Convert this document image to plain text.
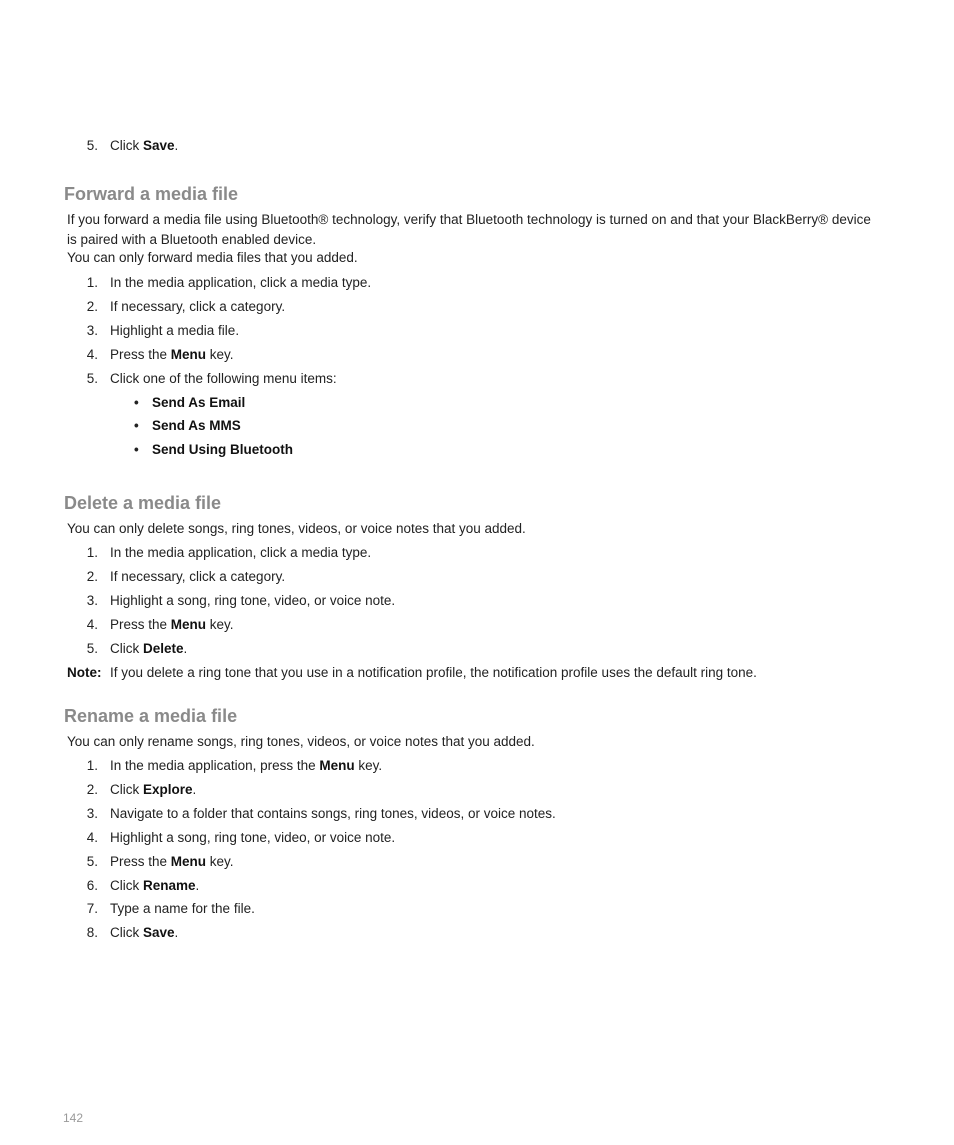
5. Click Save.
Forward a media file
If you forward a media file using Bluetooth® technology, verify that Bluetooth technology is turned on and that your BlackBerry® device
is paired with a Bluetooth enabled device.
You can only forward media files that you added.
1. In the media application, click a media type.
2. If necessary, click a category.
3. Highlight a media file.
4. Press the Menu key.
5. Click one of the following menu items:
• Send As Email
• Send As MMS
• Send Using Bluetooth
Delete a media file
You can only delete songs, ring tones, videos, or voice notes that you added.
1. In the media application, click a media type.
2. If necessary, click a category.
3. Highlight a song, ring tone, video, or voice note.
4. Press the Menu key.
5. Click Delete.
Note: If you delete a ring tone that you use in a notification profile, the notification profile uses the default ring tone.
Rename a media file
You can only rename songs, ring tones, videos, or voice notes that you added.
1. In the media application, press the Menu key.
2. Click Explore.
3. Navigate to a folder that contains songs, ring tones, videos, or voice notes.
4. Highlight a song, ring tone, video, or voice note.
5. Press the Menu key.
6. Click Rename.
7. Type a name for the file.
8. Click Save.
142
